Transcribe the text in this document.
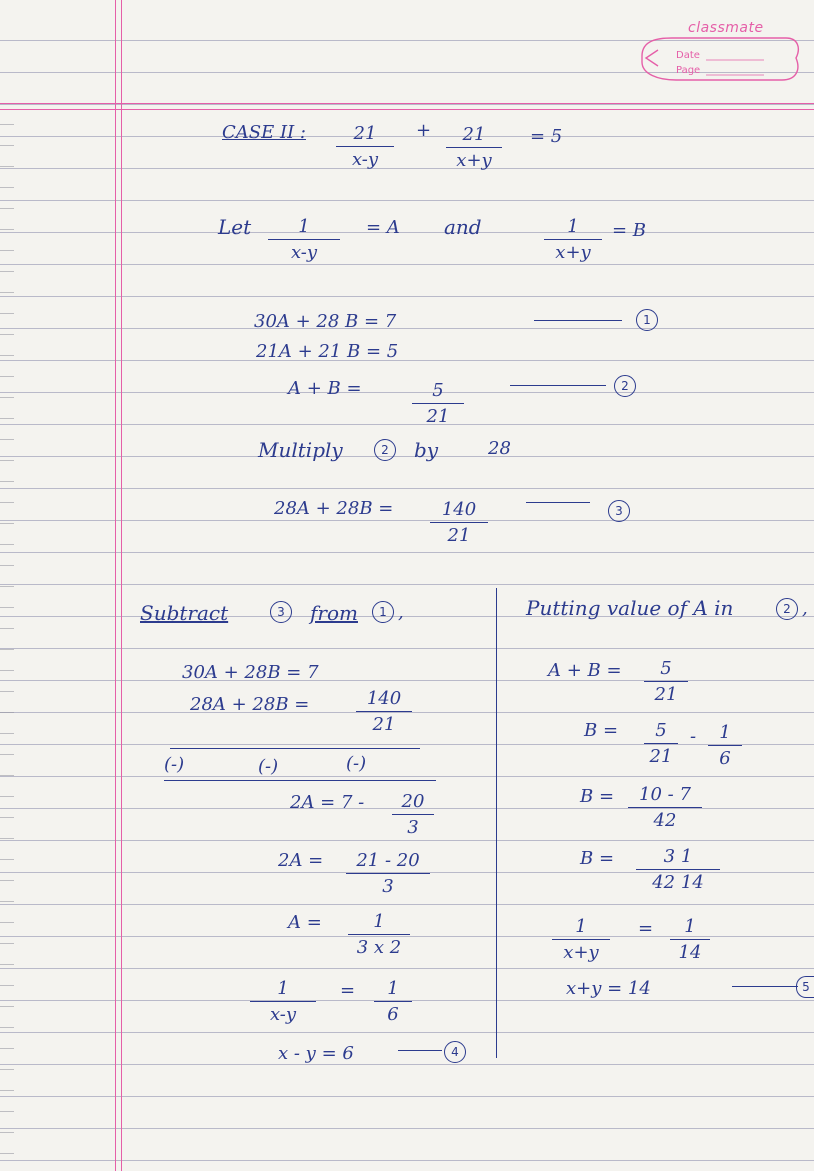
classmate
Date
Page
CASE II : $\frac{21}{x-y} + \frac{21}{x+y} = 5$
Let $\frac{1}{x-y} = A$ and	$\frac{1}{x+y} = B$
30A + 28 B = 7	1
21A + 21 B = 5
A + B =	$\frac{5}{21}$	2
Multiply	2	by	28
$28A + 28B = \frac{140}{21}$	3
Subtract	3	from	1 ,
30A + 28B = 7
28A + 28B =	$\frac{140}{21}$
(-)	(-)	(-)
$2A = 7 - \frac{20}{3}$
$2A = \frac{21 - 20}{3}$
$A = \frac{1}{3 x 2}$
$\frac{1}{x-y} = \frac{1}{6}$
x - y = 6	4
Putting value of A in	2 ,
$A + B = \frac{5}{21}$
$B = \frac{5}{21} - \frac{1}{6}$
$B = \frac{10 - 7}{42}$
$B = \frac{3 1}{42 14}$
$\frac{1}{x+y} = \frac{1}{14}$
x+y = 14	5
